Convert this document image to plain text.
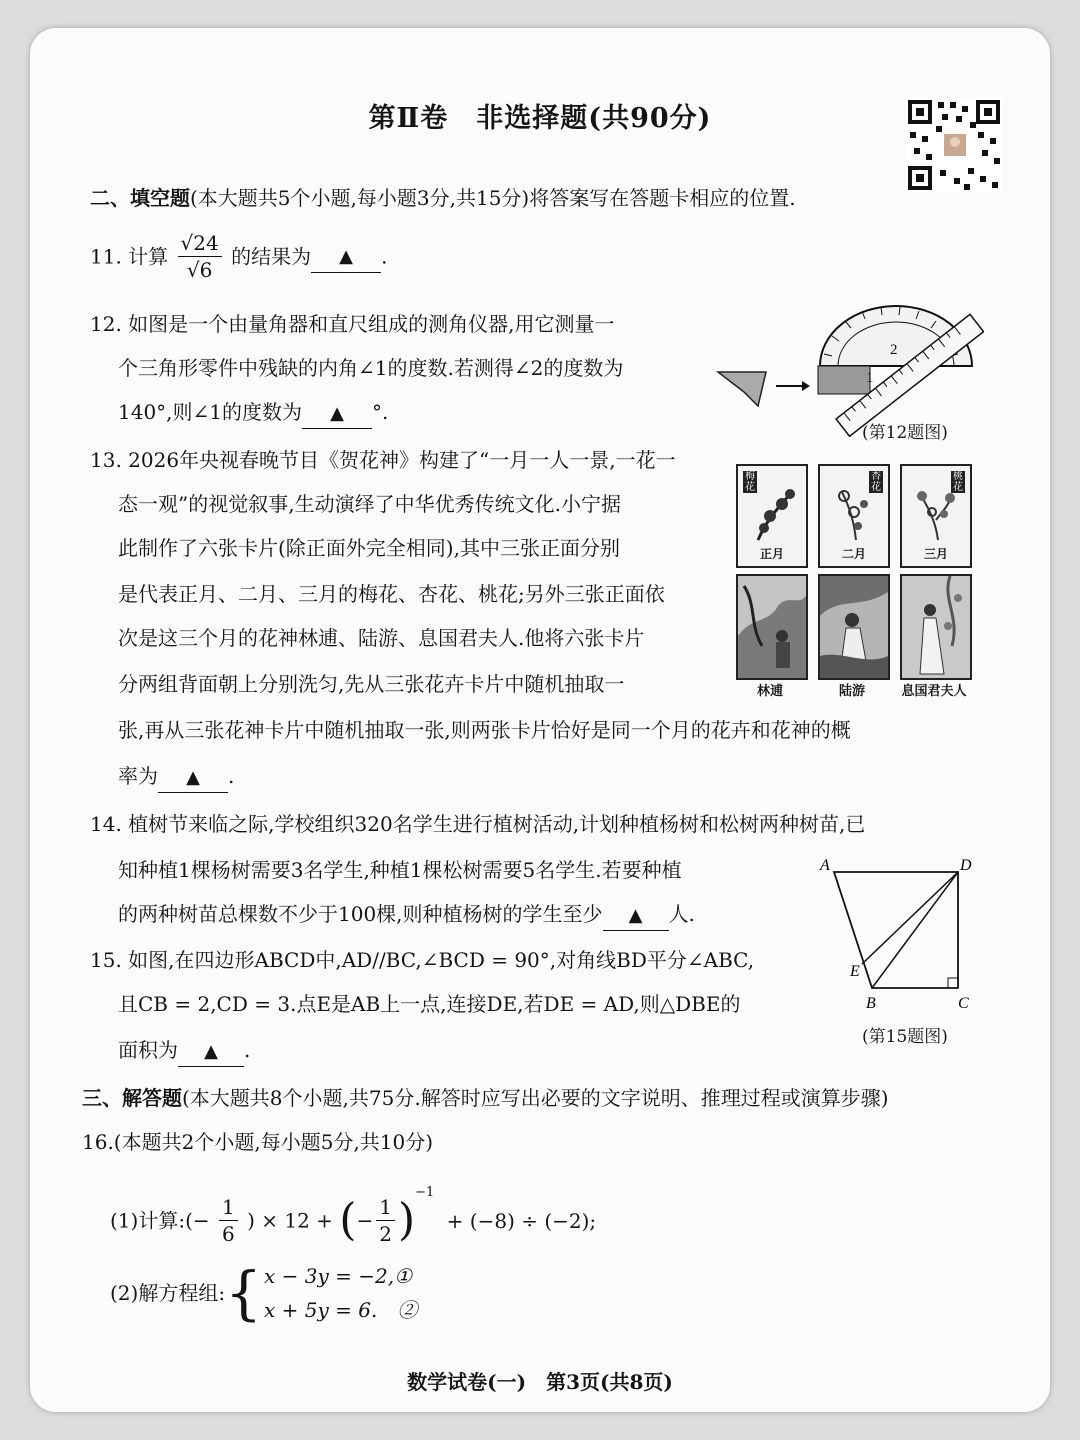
第Ⅱ卷　非选择题(共90分)
二、填空题(本大题共5个小题,每小题3分,共15分)将答案写在答题卡相应的位置.
11. 计算 $\frac{√24}{√6}$ 的结果为 ▲ .
12. 如图是一个由量角器和直尺组成的测角仪器,用它测量一
个三角形零件中残缺的内角∠1的度数.若测得∠2的度数为
140°,则∠1的度数为 ▲ °.
2
1
(第12题图)
13. 2026年央视春晚节目《贺花神》构建了“一月一人一景,一花一
态一观”的视觉叙事,生动演绎了中华优秀传统文化.小宁据
此制作了六张卡片(除正面外完全相同),其中三张正面分别
是代表正月、二月、三月的梅花、杏花、桃花;另外三张正面依
次是这三个月的花神林逋、陆游、息国君夫人.他将六张卡片
分两组背面朝上分别洗匀,先从三张花卉卡片中随机抽取一
张,再从三张花神卡片中随机抽取一张,则两张卡片恰好是同一个月的花卉和花神的概
率为 ▲ .
梅花
正月
杏花
二月
桃花
三月
林逋	陆游	息国君夫人
14. 植树节来临之际,学校组织320名学生进行植树活动,计划种植杨树和松树两种树苗,已
知种植1棵杨树需要3名学生,种植1棵松树需要5名学生.若要种植
的两种树苗总棵数不少于100棵,则种植杨树的学生至少 ▲ 人.
15. 如图,在四边形ABCD中,AD//BC,∠BCD = 90°,对角线BD平分∠ABC,
且CB = 2,CD = 3.点E是AB上一点,连接DE,若DE = AD,则△DBE的
面积为 ▲ .
A	D
E
B	C
(第15题图)
三、解答题(本大题共8个小题,共75分.解答时应写出必要的文字说明、推理过程或演算步骤)
16.(本题共2个小题,每小题5分,共10分)
(1)计算:(− $\frac{1}{6}$ ) × 12 + (− $\frac{1}{2} )^{-1} + (-8) \div (-2)$;
(2)解方程组:{ x − 3y = −2,①
x + 5y = 6.　②
数学试卷(一)　第3页(共8页)
